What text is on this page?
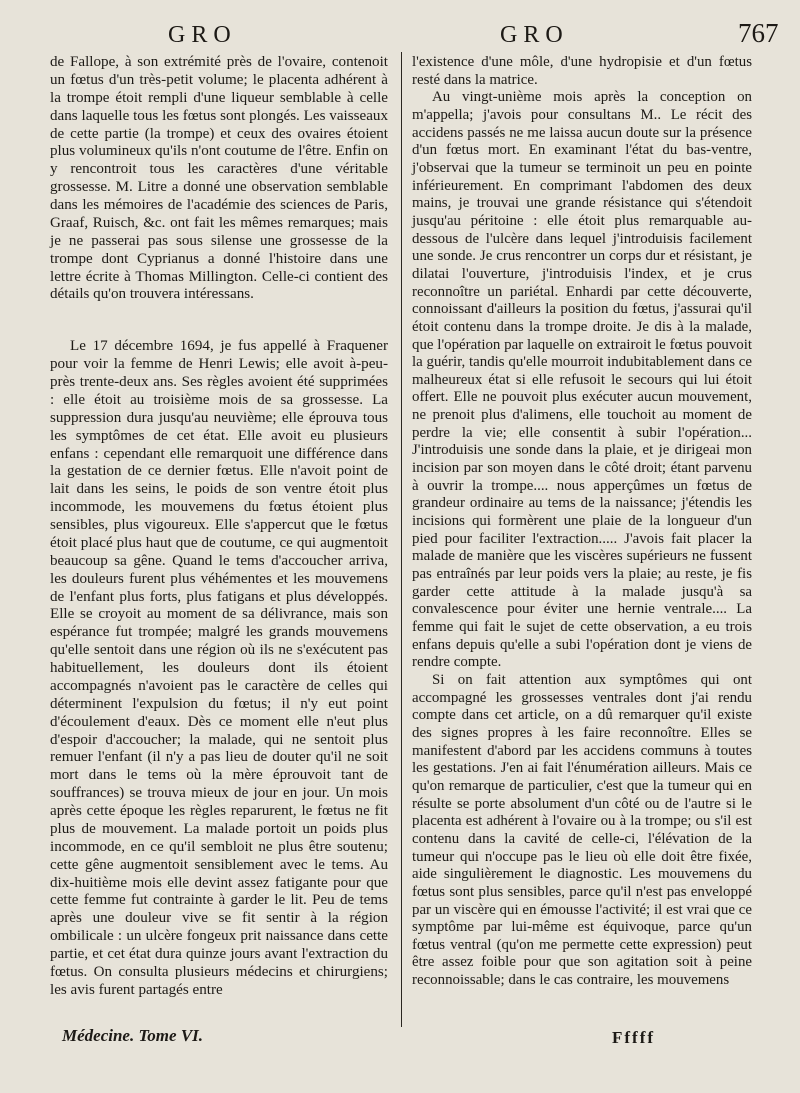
GRO	GRO	767

de Fallope, à son extrémité près de l'ovaire, contenoit un fœtus d'un très-petit volume; le placenta adhérent à la trompe étoit rempli d'une liqueur semblable à celle dans laquelle tous les fœtus sont plongés. Les vaisseaux de cette partie (la trompe) et ceux des ovaires étoient plus volumineux qu'ils n'ont coutume de l'être. Enfin on y rencontroit tous les caractères d'une véritable grossesse. M. Litre a donné une observation semblable dans les mémoires de l'académie des sciences de Paris, Graaf, Ruisch, &c. ont fait les mêmes remarques; mais je ne passerai pas sous silense une grossesse de la trompe dont Cyprianus a donné l'histoire dans une lettre écrite à Thomas Millington. Celle-ci contient des détails qu'on trouvera intéressans.

Le 17 décembre 1694, je fus appellé à Fraquener pour voir la femme de Henri Lewis; elle avoit à-peu-près trente-deux ans. Ses règles avoient été supprimées : elle étoit au troisième mois de sa grossesse. La suppression dura jusqu'au neuvième; elle éprouva tous les symptômes de cet état. Elle avoit eu plusieurs enfans : cependant elle remarquoit une différence dans la gestation de ce dernier fœtus. Elle n'avoit point de lait dans les seins, le poids de son ventre étoit plus incommode, les mouvemens du fœtus étoient plus sensibles, plus vigoureux. Elle s'appercut que le fœtus étoit placé plus haut que de coutume, ce qui augmentoit beaucoup sa gêne. Quand le tems d'accoucher arriva, les douleurs furent plus véhémentes et les mouvemens de l'enfant plus forts, plus fatigans et plus développés. Elle se croyoit au moment de sa délivrance, mais son espérance fut trompée; malgré les grands mouvemens qu'elle sentoit dans une région où ils ne s'exécutent pas habituellement, les douleurs dont ils étoient accompagnés n'avoient pas le caractère de celles qui déterminent l'expulsion du fœtus; il n'y eut point d'écoulement d'eaux. Dès ce moment elle n'eut plus d'espoir d'accoucher; la malade, qui ne sentoit plus remuer l'enfant (il n'y a pas lieu de douter qu'il ne soit mort dans le tems où la mère éprouvoit tant de souffrances) se trouva mieux de jour en jour. Un mois après cette époque les règles reparurent, le fœtus ne fit plus de mouvement. La malade portoit un poids plus incommode, en ce qu'il sembloit ne plus être soutenu; cette gêne augmentoit sensiblement avec le tems. Au dix-huitième mois elle devint assez fatigante pour que cette femme fut contrainte à garder le lit. Peu de tems après une douleur vive se fit sentir à la région ombilicale : un ulcère fongeux prit naissance dans cette partie, et cet état dura quinze jours avant l'extraction du fœtus. On consulta plusieurs médecins et chirurgiens; les avis furent partagés entre

l'existence d'une môle, d'une hydropisie et d'un fœtus resté dans la matrice.

Au vingt-unième mois après la conception on m'appella; j'avois pour consultans M.. Le récit des accidens passés ne me laissa aucun doute sur la présence d'un fœtus mort. En examinant l'état du bas-ventre, j'observai que la tumeur se terminoit un peu en pointe inférieurement. En comprimant l'abdomen des deux mains, je trouvai une grande résistance qui s'étendoit jusqu'au péritoine : elle étoit plus remarquable au-dessous de l'ulcère dans lequel j'introduisis facilement une sonde. Je crus rencontrer un corps dur et résistant, je dilatai l'ouverture, j'introduisis l'index, et je crus reconnoître un pariétal. Enhardi par cette découverte, connoissant d'ailleurs la position du fœtus, j'assurai qu'il étoit contenu dans la trompe droite. Je dis à la malade, que l'opération par laquelle on extrairoit le fœtus pouvoit la guérir, tandis qu'elle mourroit indubitablement dans ce malheureux état si elle refusoit le secours qui lui étoit offert. Elle ne pouvoit plus exécuter aucun mouvement, ne prenoit plus d'alimens, elle touchoit au moment de perdre la vie; elle consentit à subir l'opération... J'introduisis une sonde dans la plaie, et je dirigeai mon incision par son moyen dans le côté droit; étant parvenu à ouvrir la trompe.... nous apperçûmes un fœtus de grandeur ordinaire au tems de la naissance; j'étendis les incisions qui formèrent une plaie de la longueur d'un pied pour faciliter l'extraction..... J'avois fait placer la malade de manière que les viscères supérieurs ne fussent pas entraînés par leur poids vers la plaie; au reste, je fis garder cette attitude à la malade jusqu'à sa convalescence pour éviter une hernie ventrale.... La femme qui fait le sujet de cette observation, a eu trois enfans depuis qu'elle a subi l'opération dont je viens de rendre compte.

Si on fait attention aux symptômes qui ont accompagné les grossesses ventrales dont j'ai rendu compte dans cet article, on a dû remarquer qu'il existe des signes propres à les faire reconnoître. Elles se manifestent d'abord par les accidens communs à toutes les gestations. J'en ai fait l'énumération ailleurs. Mais ce qu'on remarque de particulier, c'est que la tumeur qui en résulte se porte absolument d'un côté ou de l'autre si le placenta est adhérent à l'ovaire ou à la trompe; ou s'il est contenu dans la cavité de celle-ci, l'élévation de la tumeur qui n'occupe pas le lieu où elle doit être fixée, aide singulièrement le diagnostic. Les mouvemens du fœtus sont plus sensibles, parce qu'il n'est pas enveloppé par un viscère qui en émousse l'activité; il est vrai que ce symptôme par lui-même est équivoque, parce qu'un fœtus ventral (qu'on me permette cette expression) peut être assez foible pour que son agitation soit à peine reconnoissable; dans le cas contraire, les mouvemens

Médecine. Tome VI.	Fffff
